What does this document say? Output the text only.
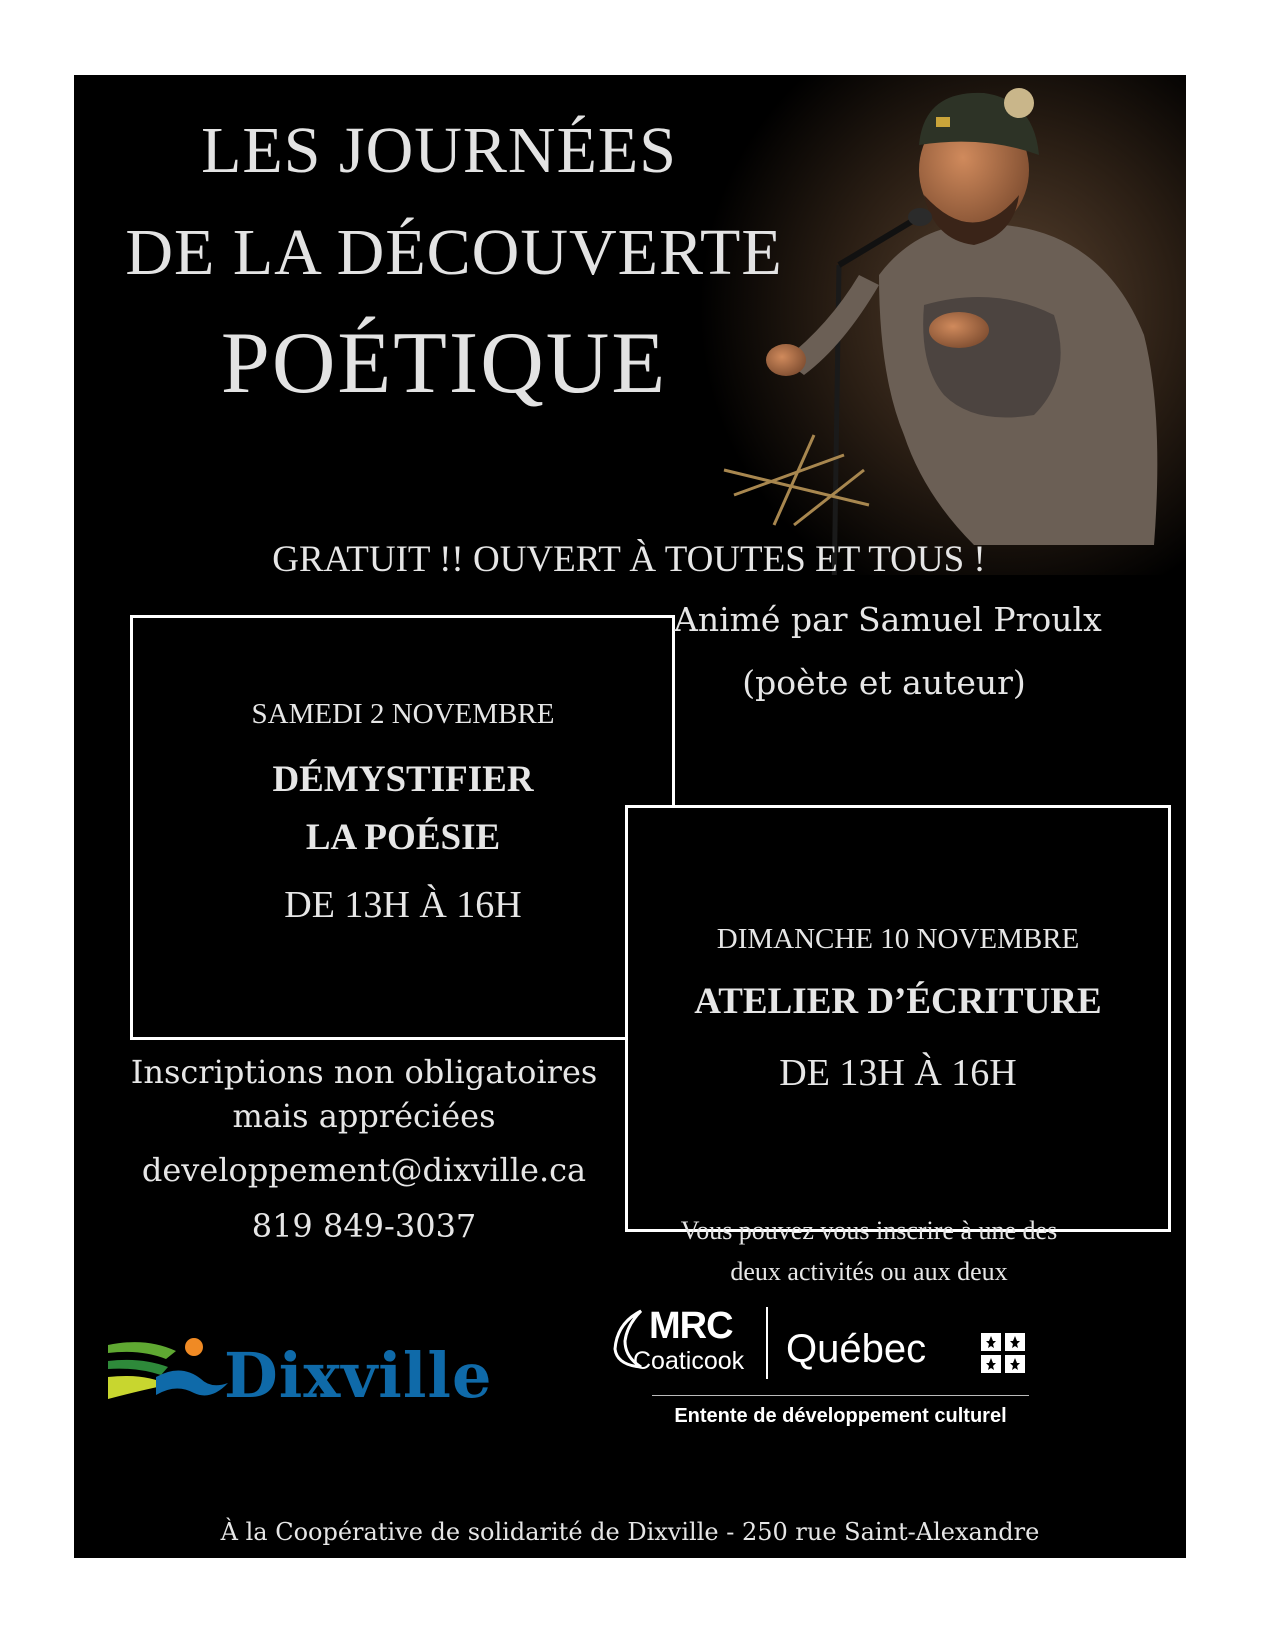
LES JOURNÉES
DE LA DÉCOUVERTE
POÉTIQUE
GRATUIT !! OUVERT À TOUTES ET TOUS !
SAMEDI 2 NOVEMBRE
DÉMYSTIFIER
LA POÉSIE
DE 13H À 16H
Animé par Samuel Proulx
(poète et auteur)
DIMANCHE 10 NOVEMBRE
ATELIER D’ÉCRITURE
DE 13H À 16H
Inscriptions non obligatoires
mais appréciées
developpement@dixville.ca
819 849-3037	Vous pouvez vous inscrire à une des
deux activités ou aux deux
Dixville
MRC
Coaticook Québec
Entente de développement culturel
À la Coopérative de solidarité de Dixville - 250 rue Saint-Alexandre
